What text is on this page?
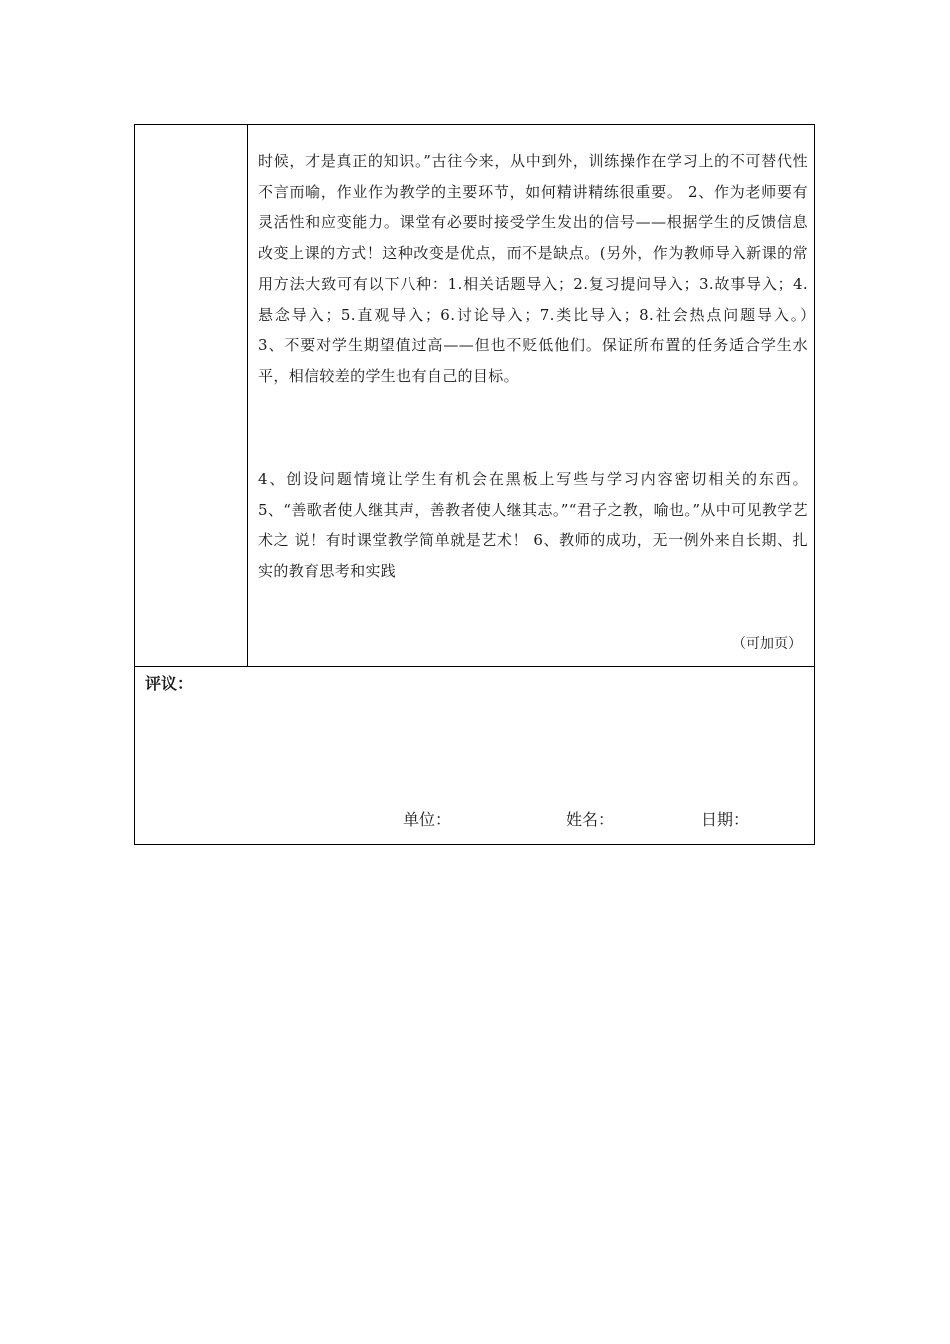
时候，才是真正的知识。”古往今来，从中到外，训练操作在学习上的不可替代性不言而喻，作业作为教学的主要环节，如何精讲精练很重要。 2、作为老师要有灵活性和应变能力。课堂有必要时接受学生发出的信号——根据学生的反馈信息改变上课的方式！这种改变是优点，而不是缺点。(另外，作为教师导入新课的常用方法大致可有以下八种：1.相关话题导入；2.复习提问导入；3.故事导入；4.悬念导入；5.直观导入；6.讨论导入；7.类比导入；8.社会热点问题导入。）　　3、不要对学生期望值过高——但也不贬低他们。保证所布置的任务适合学生水平，相信较差的学生也有自己的目标。

4、创设问题情境让学生有机会在黑板上写些与学习内容密切相关的东西。 5、“善歌者使人继其声，善教者使人继其志。”“君子之教，喻也。”从中可见教学艺术之 说！有时课堂教学简单就是艺术！ 6、教师的成功，无一例外来自长期、扎实的教育思考和实践

（可加页）

评议：

单位：	姓名：	日期：
